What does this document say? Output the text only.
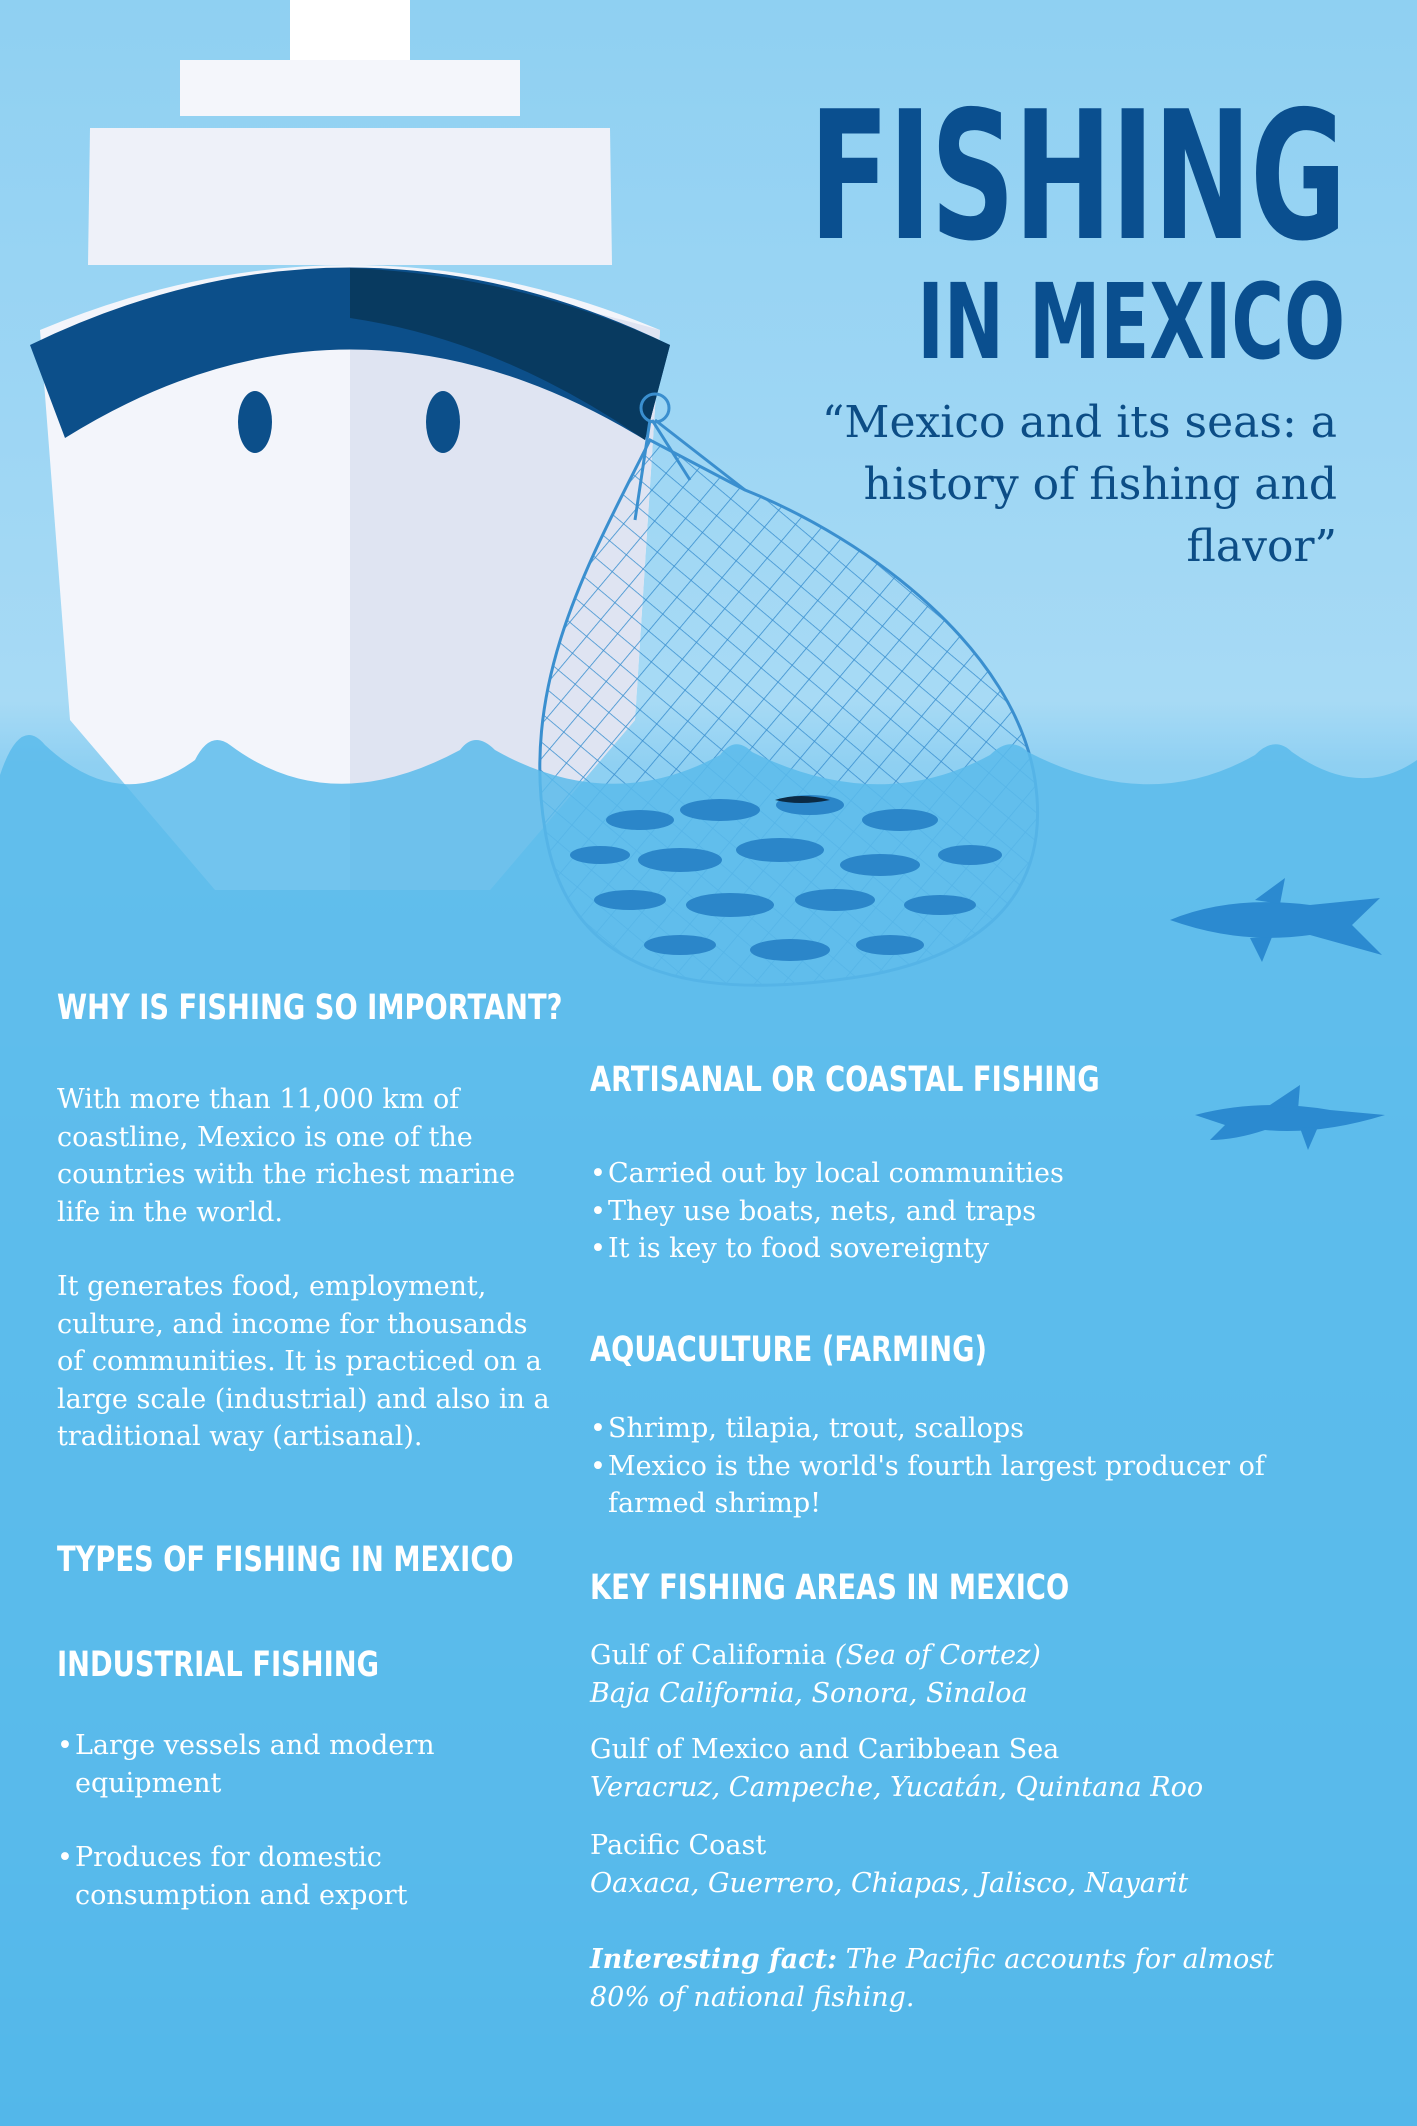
FISHING
IN MEXICO

“Mexico and its seas: a history of fishing and flavor”

WHY IS FISHING SO IMPORTANT?

With more than 11,000 km of coastline, Mexico is one of the countries with the richest marine life in the world.

It generates food, employment, culture, and income for thousands of communities. It is practiced on a large scale (industrial) and also in a traditional way (artisanal).

TYPES OF FISHING IN MEXICO
INDUSTRIAL FISHING
• Large vessels and modern equipment
• Produces for domestic consumption and export
ARTISANAL OR COASTAL FISHING
• Carried out by local communities
• They use boats, nets, and traps
• It is key to food sovereignty
AQUACULTURE (FARMING)
• Shrimp, tilapia, trout, scallops
• Mexico is the world's fourth largest producer of farmed shrimp!
KEY FISHING AREAS IN MEXICO

Gulf of California (Sea of Cortez)
Baja California, Sonora, Sinaloa

Gulf of Mexico and Caribbean Sea
Veracruz, Campeche, Yucatán, Quintana Roo

Pacific Coast
Oaxaca, Guerrero, Chiapas, Jalisco, Nayarit

Interesting fact: The Pacific accounts for almost 80% of national fishing.
